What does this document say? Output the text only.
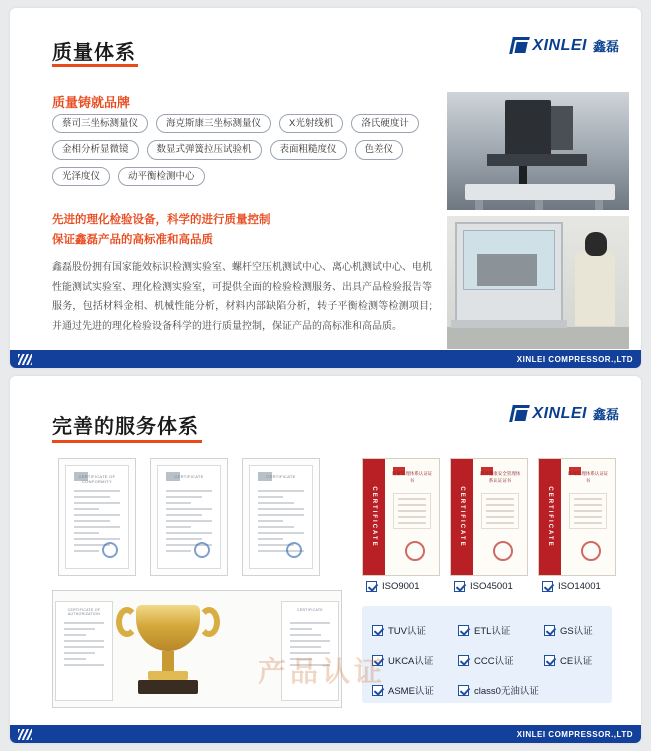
质量体系	XINLEI 鑫磊
质量铸就品牌
蔡司三坐标测量仪	海克斯康三坐标测量仪	X光射线机	洛氏硬度计
金相分析显微镜	数显式弹簧拉压试验机	表面粗糙度仪	色差仪
光泽度仪	动平衡检测中心
先进的理化检验设备，科学的进行质量控制
保证鑫磊产品的高标准和高品质
鑫磊股份拥有国家能效标识检测实验室、螺杆空压机测试中心、离心机测试中心、电机性能测试实验室、理化检测实验室，可提供全面的检验检测服务、出具产品检验报告等服务，包括材料金相、机械性能分析，材料内部缺陷分析，转子平衡检测等检测项目;并通过先进的理化检验设备科学的进行质量控制，保证产品的高标准和高品质。
XINLEI COMPRESSOR.,LTD
完善的服务体系
XINLEI 鑫磊
CERTIFICATE OF CONFORMITY
CERTIFICATE	CERTIFICATE
CERTIFICATE OF AUTHORIZATION
CERTIFICATE
CERTIFICATE
质量管理体系认证证书
CERTIFICATE
职业健康安全管理体系认证证书
CERTIFICATE
环境管理体系认证证书
ISO9001	ISO45001	ISO14001
TUV认证	ETL认证	GS认证
UKCA认证	CCC认证	CE认证
ASME认证	class0无油认证
产品认证
XINLEI COMPRESSOR.,LTD
